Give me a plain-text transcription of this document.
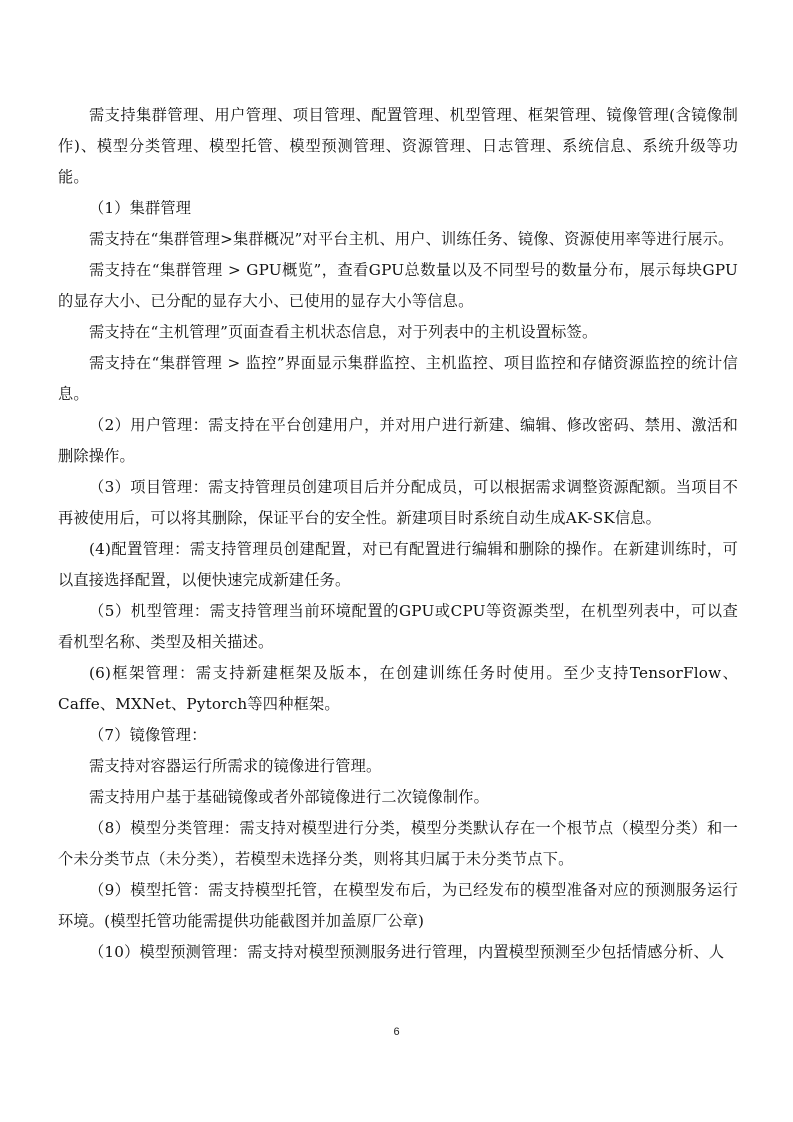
需支持集群管理、用户管理、项目管理、配置管理、机型管理、框架管理、镜像管理(含镜像制作)、模型分类管理、模型托管、模型预测管理、资源管理、日志管理、系统信息、系统升级等功能。

（1）集群管理

需支持在“集群管理>集群概况”对平台主机、用户、训练任务、镜像、资源使用率等进行展示。

需支持在“集群管理 > GPU概览”，查看GPU总数量以及不同型号的数量分布，展示每块GPU的显存大小、已分配的显存大小、已使用的显存大小等信息。

需支持在“主机管理”页面查看主机状态信息，对于列表中的主机设置标签。

需支持在“集群管理 > 监控”界面显示集群监控、主机监控、项目监控和存储资源监控的统计信息。

（2）用户管理：需支持在平台创建用户，并对用户进行新建、编辑、修改密码、禁用、激活和删除操作。

（3）项目管理：需支持管理员创建项目后并分配成员，可以根据需求调整资源配额。当项目不再被使用后，可以将其删除，保证平台的安全性。新建项目时系统自动生成AK-SK信息。

(4)配置管理：需支持管理员创建配置，对已有配置进行编辑和删除的操作。在新建训练时，可以直接选择配置，以便快速完成新建任务。

（5）机型管理：需支持管理当前环境配置的GPU或CPU等资源类型，在机型列表中，可以查看机型名称、类型及相关描述。

(6)框架管理：需支持新建框架及版本，在创建训练任务时使用。至少支持TensorFlow、Caffe、MXNet、Pytorch等四种框架。

（7）镜像管理：

需支持对容器运行所需求的镜像进行管理。

需支持用户基于基础镜像或者外部镜像进行二次镜像制作。

（8）模型分类管理：需支持对模型进行分类，模型分类默认存在一个根节点（模型分类）和一个未分类节点（未分类），若模型未选择分类，则将其归属于未分类节点下。

（9）模型托管：需支持模型托管，在模型发布后，为已经发布的模型准备对应的预测服务运行环境。(模型托管功能需提供功能截图并加盖原厂公章)

（10）模型预测管理：需支持对模型预测服务进行管理，内置模型预测至少包括情感分析、人

6
